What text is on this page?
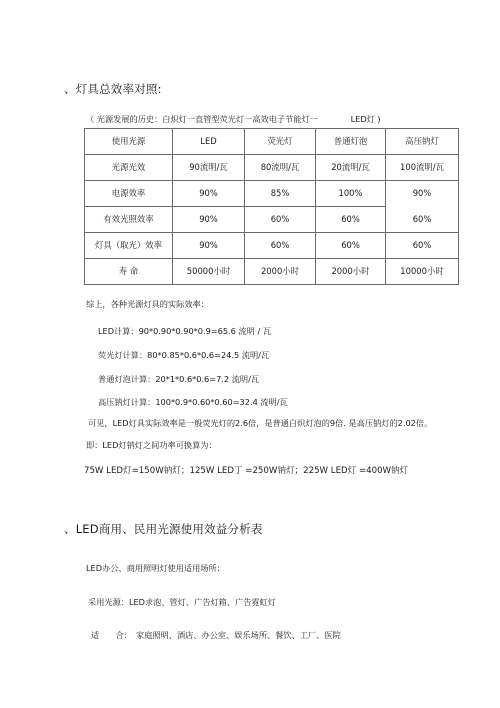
、灯具总效率对照:
（ 光源发展的历史：白炽灯一直管型荧光灯一高效电子节能灯一　　　　LED灯 )
使用光源	LED	荧光灯	普通灯泡	高压钠灯
光源光效	90流明/瓦	80流明/瓦	20流明/瓦	100流明/瓦
电源效率	90%	85%	100%	90%
有效光照效率	90%	60%	60%	60%
灯具（取光）效率	90%	60%	60%	60%
寿 命	50000小时	2000小时	2000小时	10000小时
综上，各种光源灯具的实际效率：
LED计算：90*0.90*0.90*0.9=65.6 流明 / 瓦
荧光灯计算：80*0.85*0.6*0.6=24.5 流明/瓦
普通灯泡计算：20*1*0.6*0.6=7.2 流明/瓦
高压钠灯计算：100*0.9*0.60*0.60=32.4 流明/瓦
可见，LED灯具实际效率是一般荧光灯的2.6倍，是普通白炽灯泡的9倍. 是高压钠灯的2.02倍。
即：LED灯钠灯之间功率可换算为：
75W LED灯=150W钠灯；125W LED丁 =250W钠灯；225W LED灯 =400W钠灯
、LED商用、民用光源使用效益分析表
LED办公、商用照明灯使用适用场所：
采用光源：LED求泡、管灯、广告灯箱、广告霓虹灯
适　　合： 家庭照明、酒店、办公室、娱乐场所、餐饮、工厂、医院
